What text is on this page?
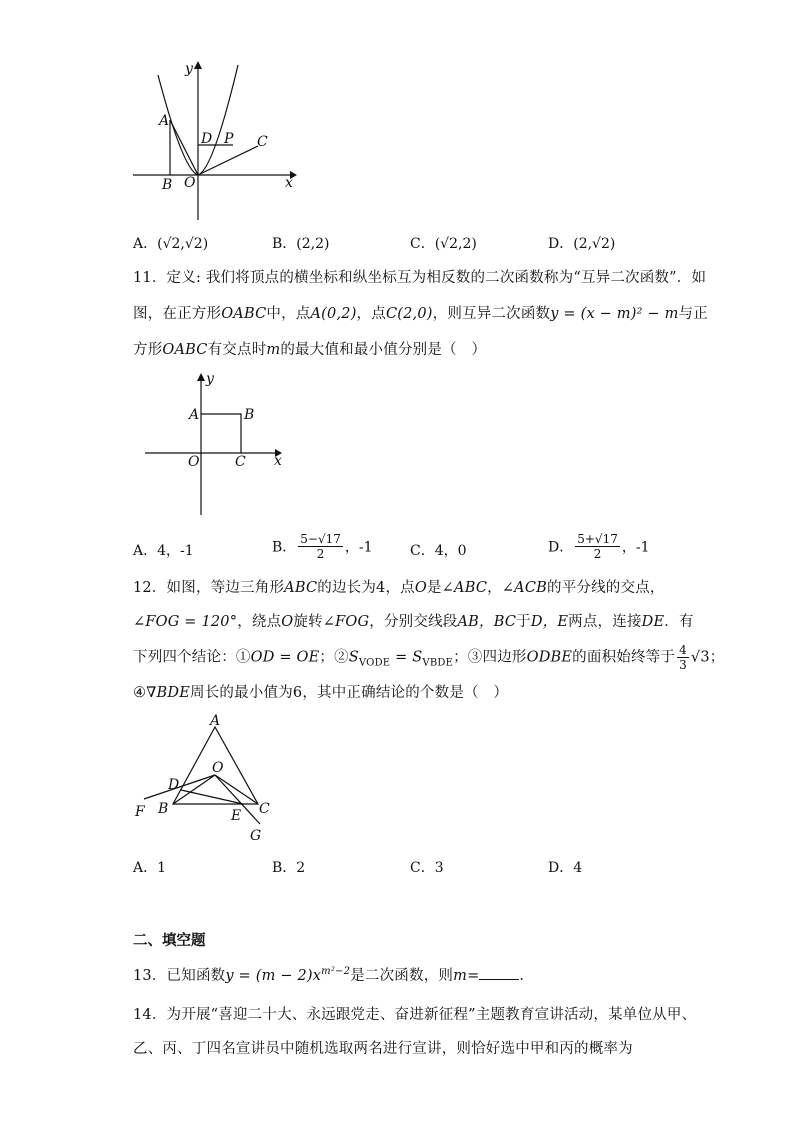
y
x
A
B O
D P C
A．(√2,√2)	B．(2,2)	C．(√2,2)	D．(2,√2)
11．定义: 我们将顶点的横坐标和纵坐标互为相反数的二次函数称为“互异二次函数”．如
图，在正方形OABC中，点A(0,2)，点C(2,0)，则互异二次函数y = (x − m)² − m与正
方形OABC有交点时m的最大值和最小值分别是（　）
y
x
A	B
O	C
A．4，-1	B． $\frac{5-√17}{2}$ ，-1	C．4，0	D． $\frac{5+√17}{2}$ ，-1
12．如图，等边三角形ABC的边长为4，点O是∠ABC，∠ACB的平分线的交点，
∠FOG = 120°，绕点O旋转∠FOG，分别交线段AB，BC于D，E两点，连接DE．有
下列四个结论：①OD = OE；$②S_{VODE} = S_{VBDE}$；③四边形ODBE的面积始终等于 $\frac{4}{3} √3$；
④∇BDE周长的最小值为6，其中正确结论的个数是（　）
A
O
D
F B	E C
G
A．1	B．2	C．3	D．4
二、填空题
13．已知函数$y = (m - 2)x^{m^2-2}$是二次函数，则m=	．
14．为开展“喜迎二十大、永远跟党走、奋进新征程”主题教育宣讲活动，某单位从甲、
乙、丙、丁四名宣讲员中随机选取两名进行宣讲，则恰好选中甲和丙的概率为
